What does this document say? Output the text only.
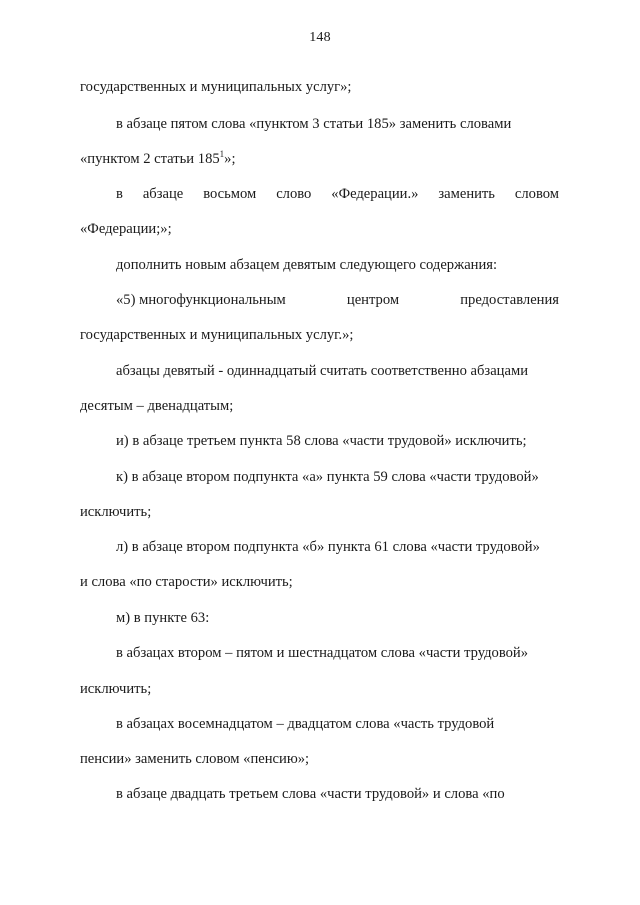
148
государственных и муниципальных услуг»;
в абзаце пятом слова «пунктом 3 статьи 185» заменить словами
«пунктом 2 статьи $185^1$»;
в абзаце восьмом слово «Федерации.» заменить словом
«Федерации;»;
дополнить новым абзацем девятым следующего содержания:
«5) многофункциональным	центром	предоставления
государственных и муниципальных услуг.»;
абзацы девятый - одиннадцатый считать соответственно абзацами
десятым – двенадцатым;
и) в абзаце третьем пункта 58 слова «части трудовой» исключить;
к) в абзаце втором подпункта «а» пункта 59 слова «части трудовой»
исключить;
л) в абзаце втором подпункта «б» пункта 61 слова «части трудовой»
и слова «по старости» исключить;
м) в пункте 63:
в абзацах втором – пятом и шестнадцатом слова «части трудовой»
исключить;
в абзацах восемнадцатом – двадцатом слова «часть трудовой
пенсии» заменить словом «пенсию»;
в абзаце двадцать третьем слова «части трудовой» и слова «по
